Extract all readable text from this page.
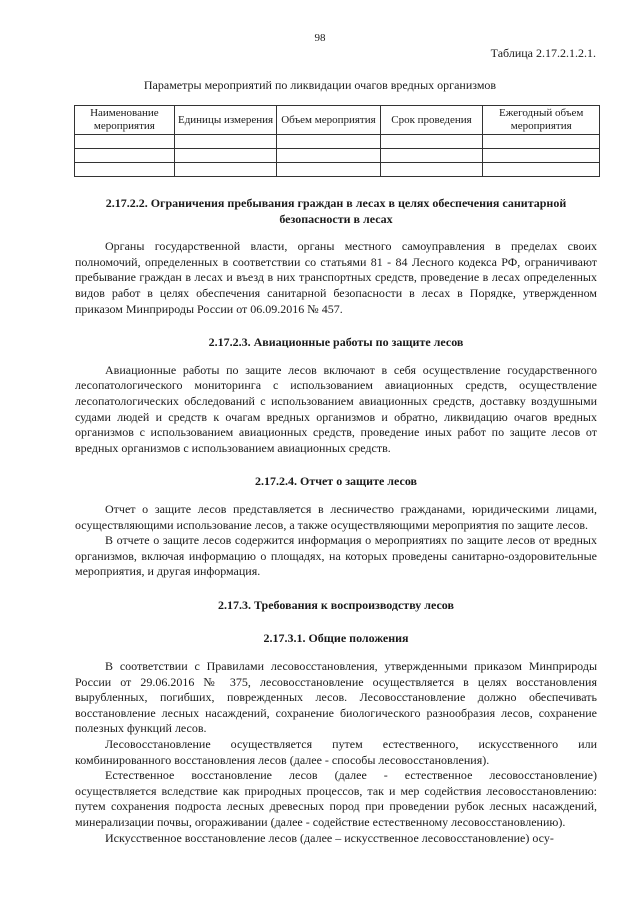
98
Таблица 2.17.2.1.2.1.
Параметры мероприятий по ликвидации очагов вредных организмов
Наименование мероприятия	Единицы измерения	Объем мероприятия	Срок проведения	Ежегодный объем мероприятия

2.17.2.2. Ограничения пребывания граждан в лесах в целях обеспечения санитарной безопасности в лесах

Органы государственной власти, органы местного самоуправления в пределах своих полномочий, определенных в соответствии со статьями 81 - 84 Лесного кодекса РФ, ограничивают пребывание граждан в лесах и въезд в них транспортных средств, проведение в лесах определенных видов работ в целях обеспечения санитарной безопасности в лесах в Порядке, утвержденном приказом Минприроды России от 06.09.2016 № 457.

2.17.2.3. Авиационные работы по защите лесов

Авиационные работы по защите лесов включают в себя осуществление государственного лесопатологического мониторинга с использованием авиационных средств, осуществление лесопатологических обследований с использованием авиационных средств, доставку воздушными судами людей и средств к очагам вредных организмов и обратно, ликвидацию очагов вредных организмов с использованием авиационных средств, проведение иных работ по защите лесов от вредных организмов с использованием авиационных средств.

2.17.2.4. Отчет о защите лесов

Отчет о защите лесов представляется в лесничество гражданами, юридическими лицами, осуществляющими использование лесов, а также осуществляющими мероприятия по защите лесов.

В отчете о защите лесов содержится информация о мероприятиях по защите лесов от вредных организмов, включая информацию о площадях, на которых проведены санитарно-оздоровительные мероприятия, и другая информация.

2.17.3. Требования к воспроизводству лесов
2.17.3.1. Общие положения

В соответствии с Правилами лесовосстановления, утвержденными приказом Минприроды России от 29.06.2016 № 375, лесовосстановление осуществляется в целях восстановления вырубленных, погибших, поврежденных лесов. Лесовосстановление должно обеспечивать восстановление лесных насаждений, сохранение биологического разнообразия лесов, сохранение полезных функций лесов.

Лесовосстановление осуществляется путем естественного, искусственного или комбинированного восстановления лесов (далее - способы лесовосстановления).

Естественное восстановление лесов (далее - естественное лесовосстановление) осуществляется вследствие как природных процессов, так и мер содействия лесовосстановлению: путем сохранения подроста лесных древесных пород при проведении рубок лесных насаждений, минерализации почвы, огораживании (далее - содействие естественному лесовосстановлению).

Искусственное восстановление лесов (далее – искусственное лесовосстановление) осу-
